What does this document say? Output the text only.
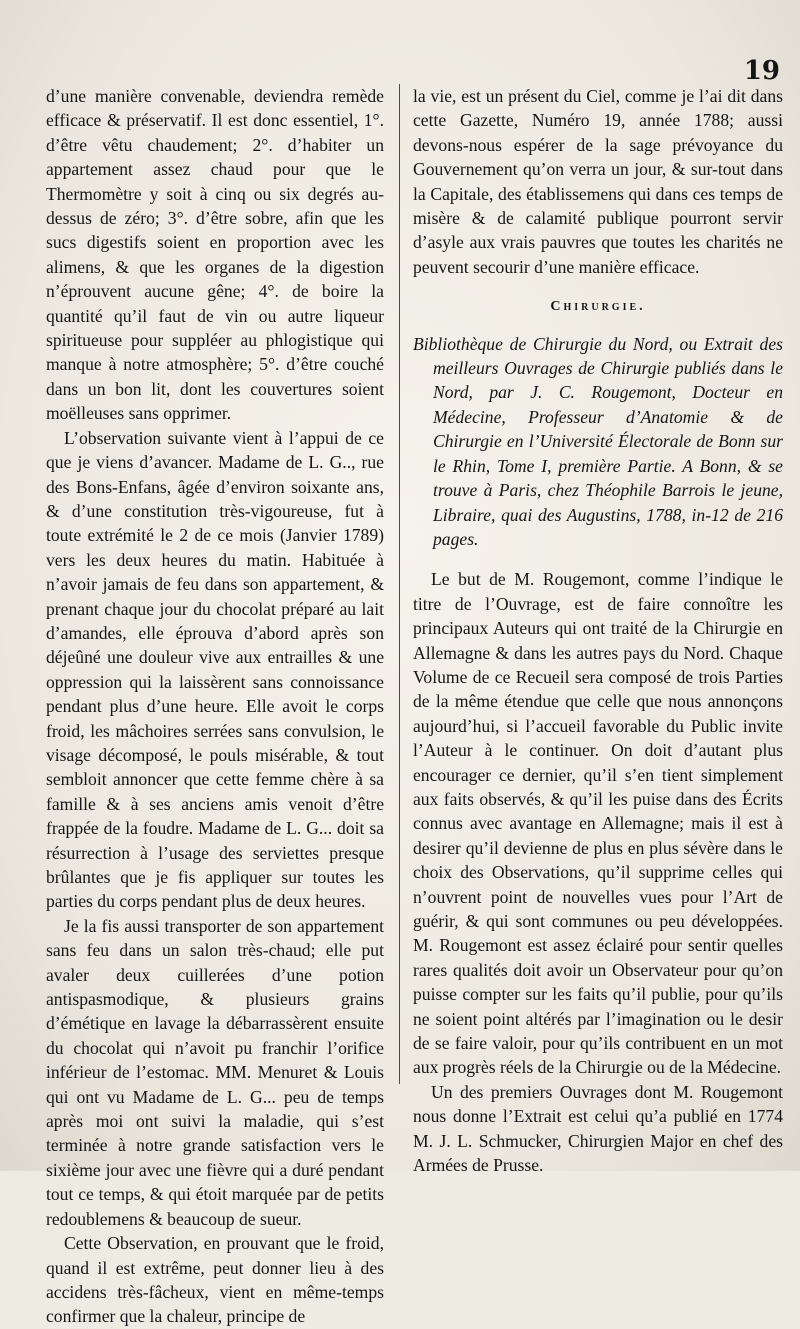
19

d’une manière convenable, deviendra remède efficace & préservatif. Il est donc essentiel, 1°. d’être vêtu chaudement; 2°. d’habiter un appartement assez chaud pour que le Thermomètre y soit à cinq ou six degrés au-dessus de zéro; 3°. d’être sobre, afin que les sucs digestifs soient en proportion avec les alimens, & que les organes de la digestion n’éprouvent aucune gêne; 4°. de boire la quantité qu’il faut de vin ou autre liqueur spiritueuse pour suppléer au phlogistique qui manque à notre atmosphère; 5°. d’être couché dans un bon lit, dont les couvertures soient moëlleuses sans opprimer.

L’observation suivante vient à l’appui de ce que je viens d’avancer. Madame de L. G.., rue des Bons-Enfans, âgée d’environ soixante ans, & d’une constitution très-vigoureuse, fut à toute extrémité le 2 de ce mois (Janvier 1789) vers les deux heures du matin. Habituée à n’avoir jamais de feu dans son appartement, & prenant chaque jour du chocolat préparé au lait d’amandes, elle éprouva d’abord après son déjeûné une douleur vive aux entrailles & une oppression qui la laissèrent sans connoissance pendant plus d’une heure. Elle avoit le corps froid, les mâchoires serrées sans convulsion, le visage décomposé, le pouls misérable, & tout sembloit annoncer que cette femme chère à sa famille & à ses anciens amis venoit d’être frappée de la foudre. Madame de L. G... doit sa résurrection à l’usage des serviettes presque brûlantes que je fis appliquer sur toutes les parties du corps pendant plus de deux heures.

Je la fis aussi transporter de son appartement sans feu dans un salon très-chaud; elle put avaler deux cuillerées d’une potion antispasmodique, & plusieurs grains d’émétique en lavage la débarrassèrent ensuite du chocolat qui n’avoit pu franchir l’orifice inférieur de l’estomac. MM. Menuret & Louis qui ont vu Madame de L. G... peu de temps après moi ont suivi la maladie, qui s’est terminée à notre grande satisfaction vers le sixième jour avec une fièvre qui a duré pendant tout ce temps, & qui étoit marquée par de petits redoublemens & beaucoup de sueur.

Cette Observation, en prouvant que le froid, quand il est extrême, peut donner lieu à des accidens très-fâcheux, vient en même-temps confirmer que la chaleur, principe de

la vie, est un présent du Ciel, comme je l’ai dit dans cette Gazette, Numéro 19, année 1788; aussi devons-nous espérer de la sage prévoyance du Gouvernement qu’on verra un jour, & sur-tout dans la Capitale, des établissemens qui dans ces temps de misère & de calamité publique pourront servir d’asyle aux vrais pauvres que toutes les charités ne peuvent secourir d’une manière efficace.

Chirurgie.

Bibliothèque de Chirurgie du Nord, ou Extrait des meilleurs Ouvrages de Chirurgie publiés dans le Nord, par J. C. Rougemont, Docteur en Médecine, Professeur d’Anatomie & de Chirurgie en l’Université Électorale de Bonn sur le Rhin, Tome I, première Partie. A Bonn, & se trouve à Paris, chez Théophile Barrois le jeune, Libraire, quai des Augustins, 1788, in-12 de 216 pages.

Le but de M. Rougemont, comme l’indique le titre de l’Ouvrage, est de faire connoître les principaux Auteurs qui ont traité de la Chirurgie en Allemagne & dans les autres pays du Nord. Chaque Volume de ce Recueil sera composé de trois Parties de la même étendue que celle que nous annonçons aujourd’hui, si l’accueil favorable du Public invite l’Auteur à le continuer. On doit d’autant plus encourager ce dernier, qu’il s’en tient simplement aux faits observés, & qu’il les puise dans des Écrits connus avec avantage en Allemagne; mais il est à desirer qu’il devienne de plus en plus sévère dans le choix des Observations, qu’il supprime celles qui n’ouvrent point de nouvelles vues pour l’Art de guérir, & qui sont communes ou peu développées. M. Rougemont est assez éclairé pour sentir quelles rares qualités doit avoir un Observateur pour qu’on puisse compter sur les faits qu’il publie, pour qu’ils ne soient point altérés par l’imagination ou le desir de se faire valoir, pour qu’ils contribuent en un mot aux progrès réels de la Chirurgie ou de la Médecine.

Un des premiers Ouvrages dont M. Rougemont nous donne l’Extrait est celui qu’a publié en 1774 M. J. L. Schmucker, Chirurgien Major en chef des Armées de Prusse.
